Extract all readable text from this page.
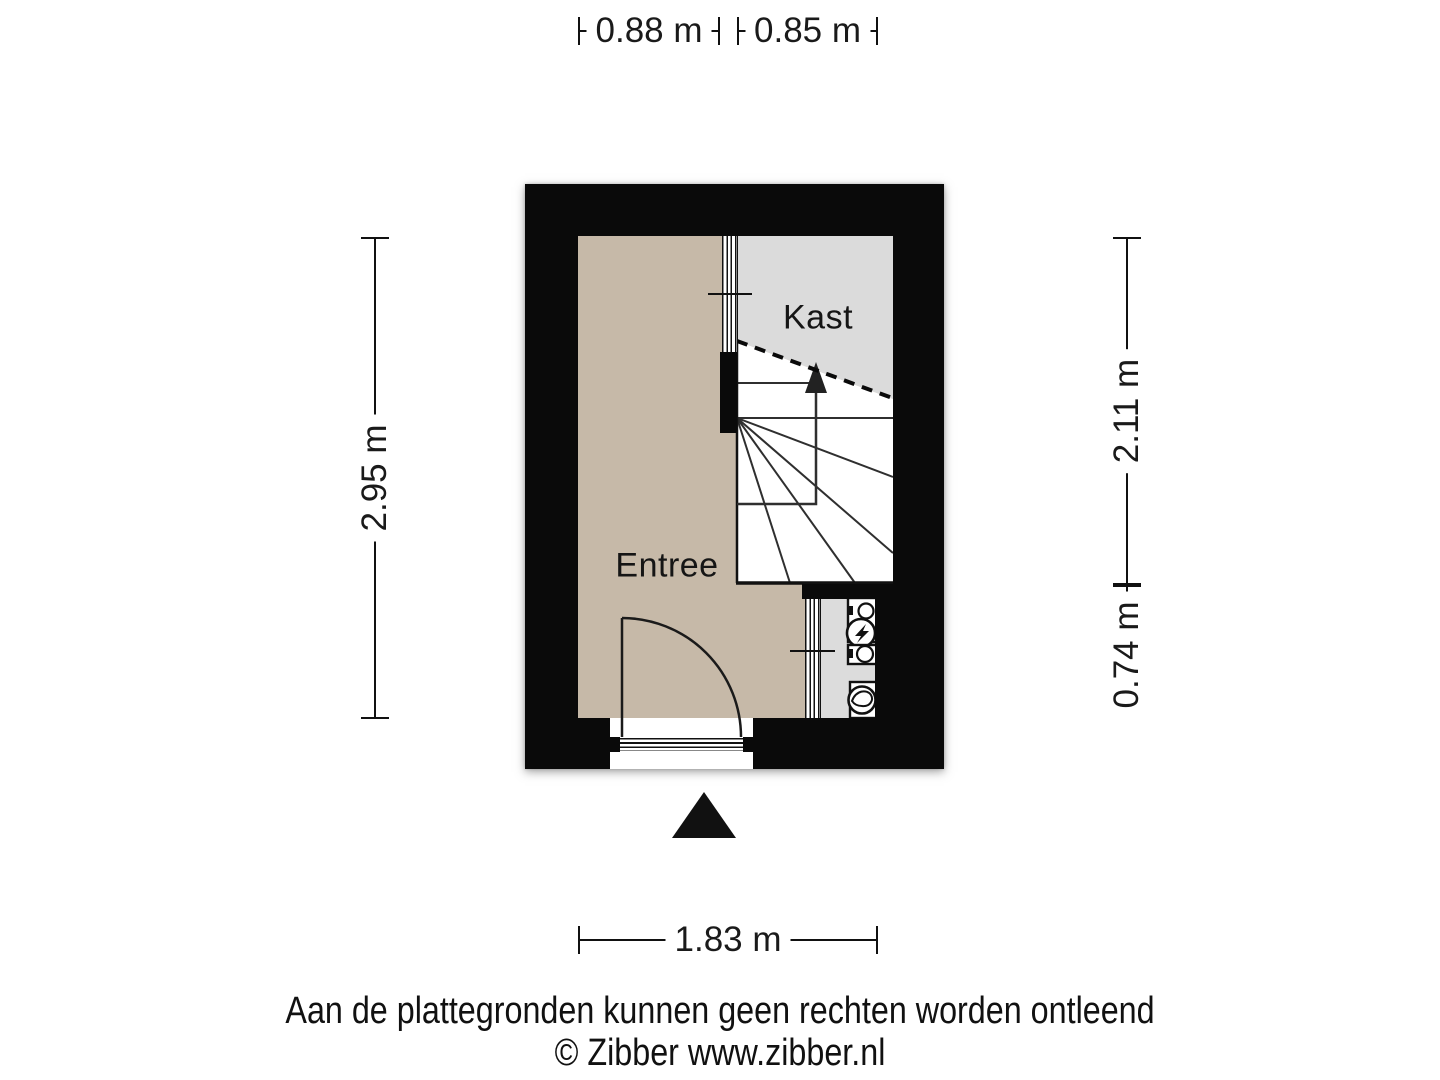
Kast
Entree
0.88 m 0.85 m
2.95 m
2.11 m
0.74 m
1.83 m
Aan de plattegronden kunnen geen rechten worden ontleend
© Zibber www.zibber.nl
